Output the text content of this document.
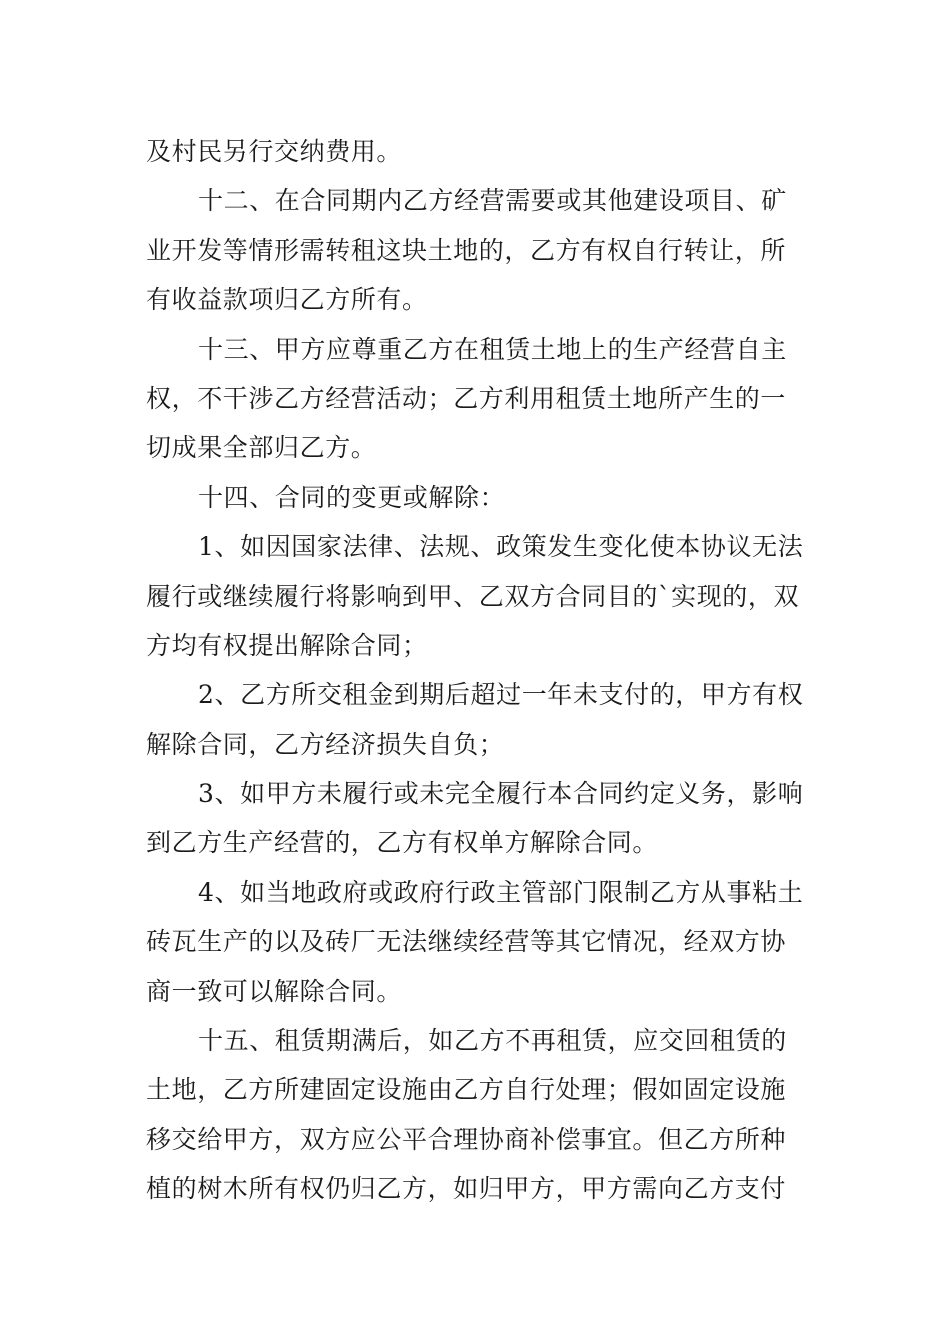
及村民另行交纳费用。
十二、在合同期内乙方经营需要或其他建设项目、矿
业开发等情形需转租这块土地的，乙方有权自行转让，所
有收益款项归乙方所有。
十三、甲方应尊重乙方在租赁土地上的生产经营自主
权，不干涉乙方经营活动；乙方利用租赁土地所产生的一
切成果全部归乙方。
十四、合同的变更或解除：
1、如因国家法律、法规、政策发生变化使本协议无法
履行或继续履行将影响到甲、乙双方合同目的`实现的，双
方均有权提出解除合同；
2、乙方所交租金到期后超过一年未支付的，甲方有权
解除合同，乙方经济损失自负；
3、如甲方未履行或未完全履行本合同约定义务，影响
到乙方生产经营的，乙方有权单方解除合同。
4、如当地政府或政府行政主管部门限制乙方从事粘土
砖瓦生产的以及砖厂无法继续经营等其它情况，经双方协
商一致可以解除合同。
十五、租赁期满后，如乙方不再租赁，应交回租赁的
土地，乙方所建固定设施由乙方自行处理；假如固定设施
移交给甲方，双方应公平合理协商补偿事宜。但乙方所种
植的树木所有权仍归乙方，如归甲方，甲方需向乙方支付
